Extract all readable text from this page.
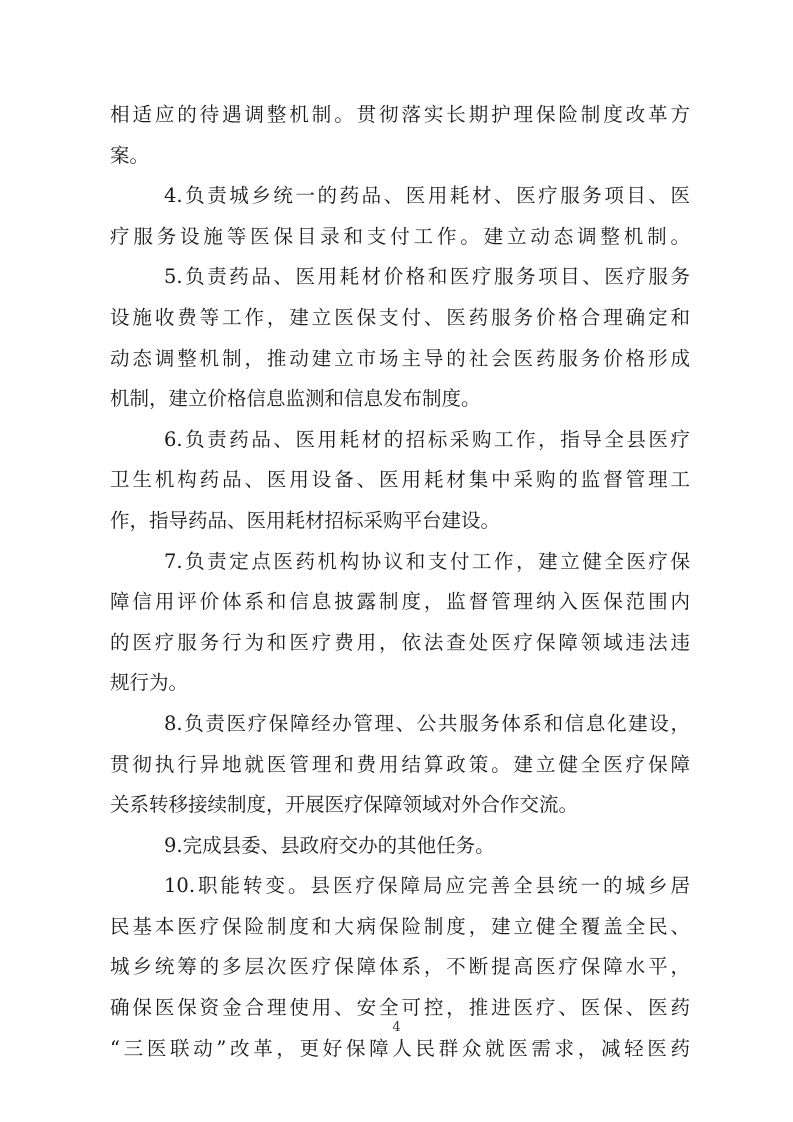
相适应的待遇调整机制。贯彻落实长期护理保险制度改革方
案。
4.负责城乡统一的药品、医用耗材、医疗服务项目、医
疗服务设施等医保目录和支付工作。建立动态调整机制。
5.负责药品、医用耗材价格和医疗服务项目、医疗服务
设施收费等工作，建立医保支付、医药服务价格合理确定和
动态调整机制，推动建立市场主导的社会医药服务价格形成
机制，建立价格信息监测和信息发布制度。
6.负责药品、医用耗材的招标采购工作，指导全县医疗
卫生机构药品、医用设备、医用耗材集中采购的监督管理工
作，指导药品、医用耗材招标采购平台建设。
7.负责定点医药机构协议和支付工作，建立健全医疗保
障信用评价体系和信息披露制度，监督管理纳入医保范围内
的医疗服务行为和医疗费用，依法查处医疗保障领域违法违
规行为。
8.负责医疗保障经办管理、公共服务体系和信息化建设，
贯彻执行异地就医管理和费用结算政策。建立健全医疗保障
关系转移接续制度，开展医疗保障领域对外合作交流。
9.完成县委、县政府交办的其他任务。
10.职能转变。县医疗保障局应完善全县统一的城乡居
民基本医疗保险制度和大病保险制度，建立健全覆盖全民、
城乡统筹的多层次医疗保障体系，不断提高医疗保障水平，
确保医保资金合理使用、安全可控，推进医疗、医保、医药
“三医联动”改革，更好保障人民群众就医需求，减轻医药
4
